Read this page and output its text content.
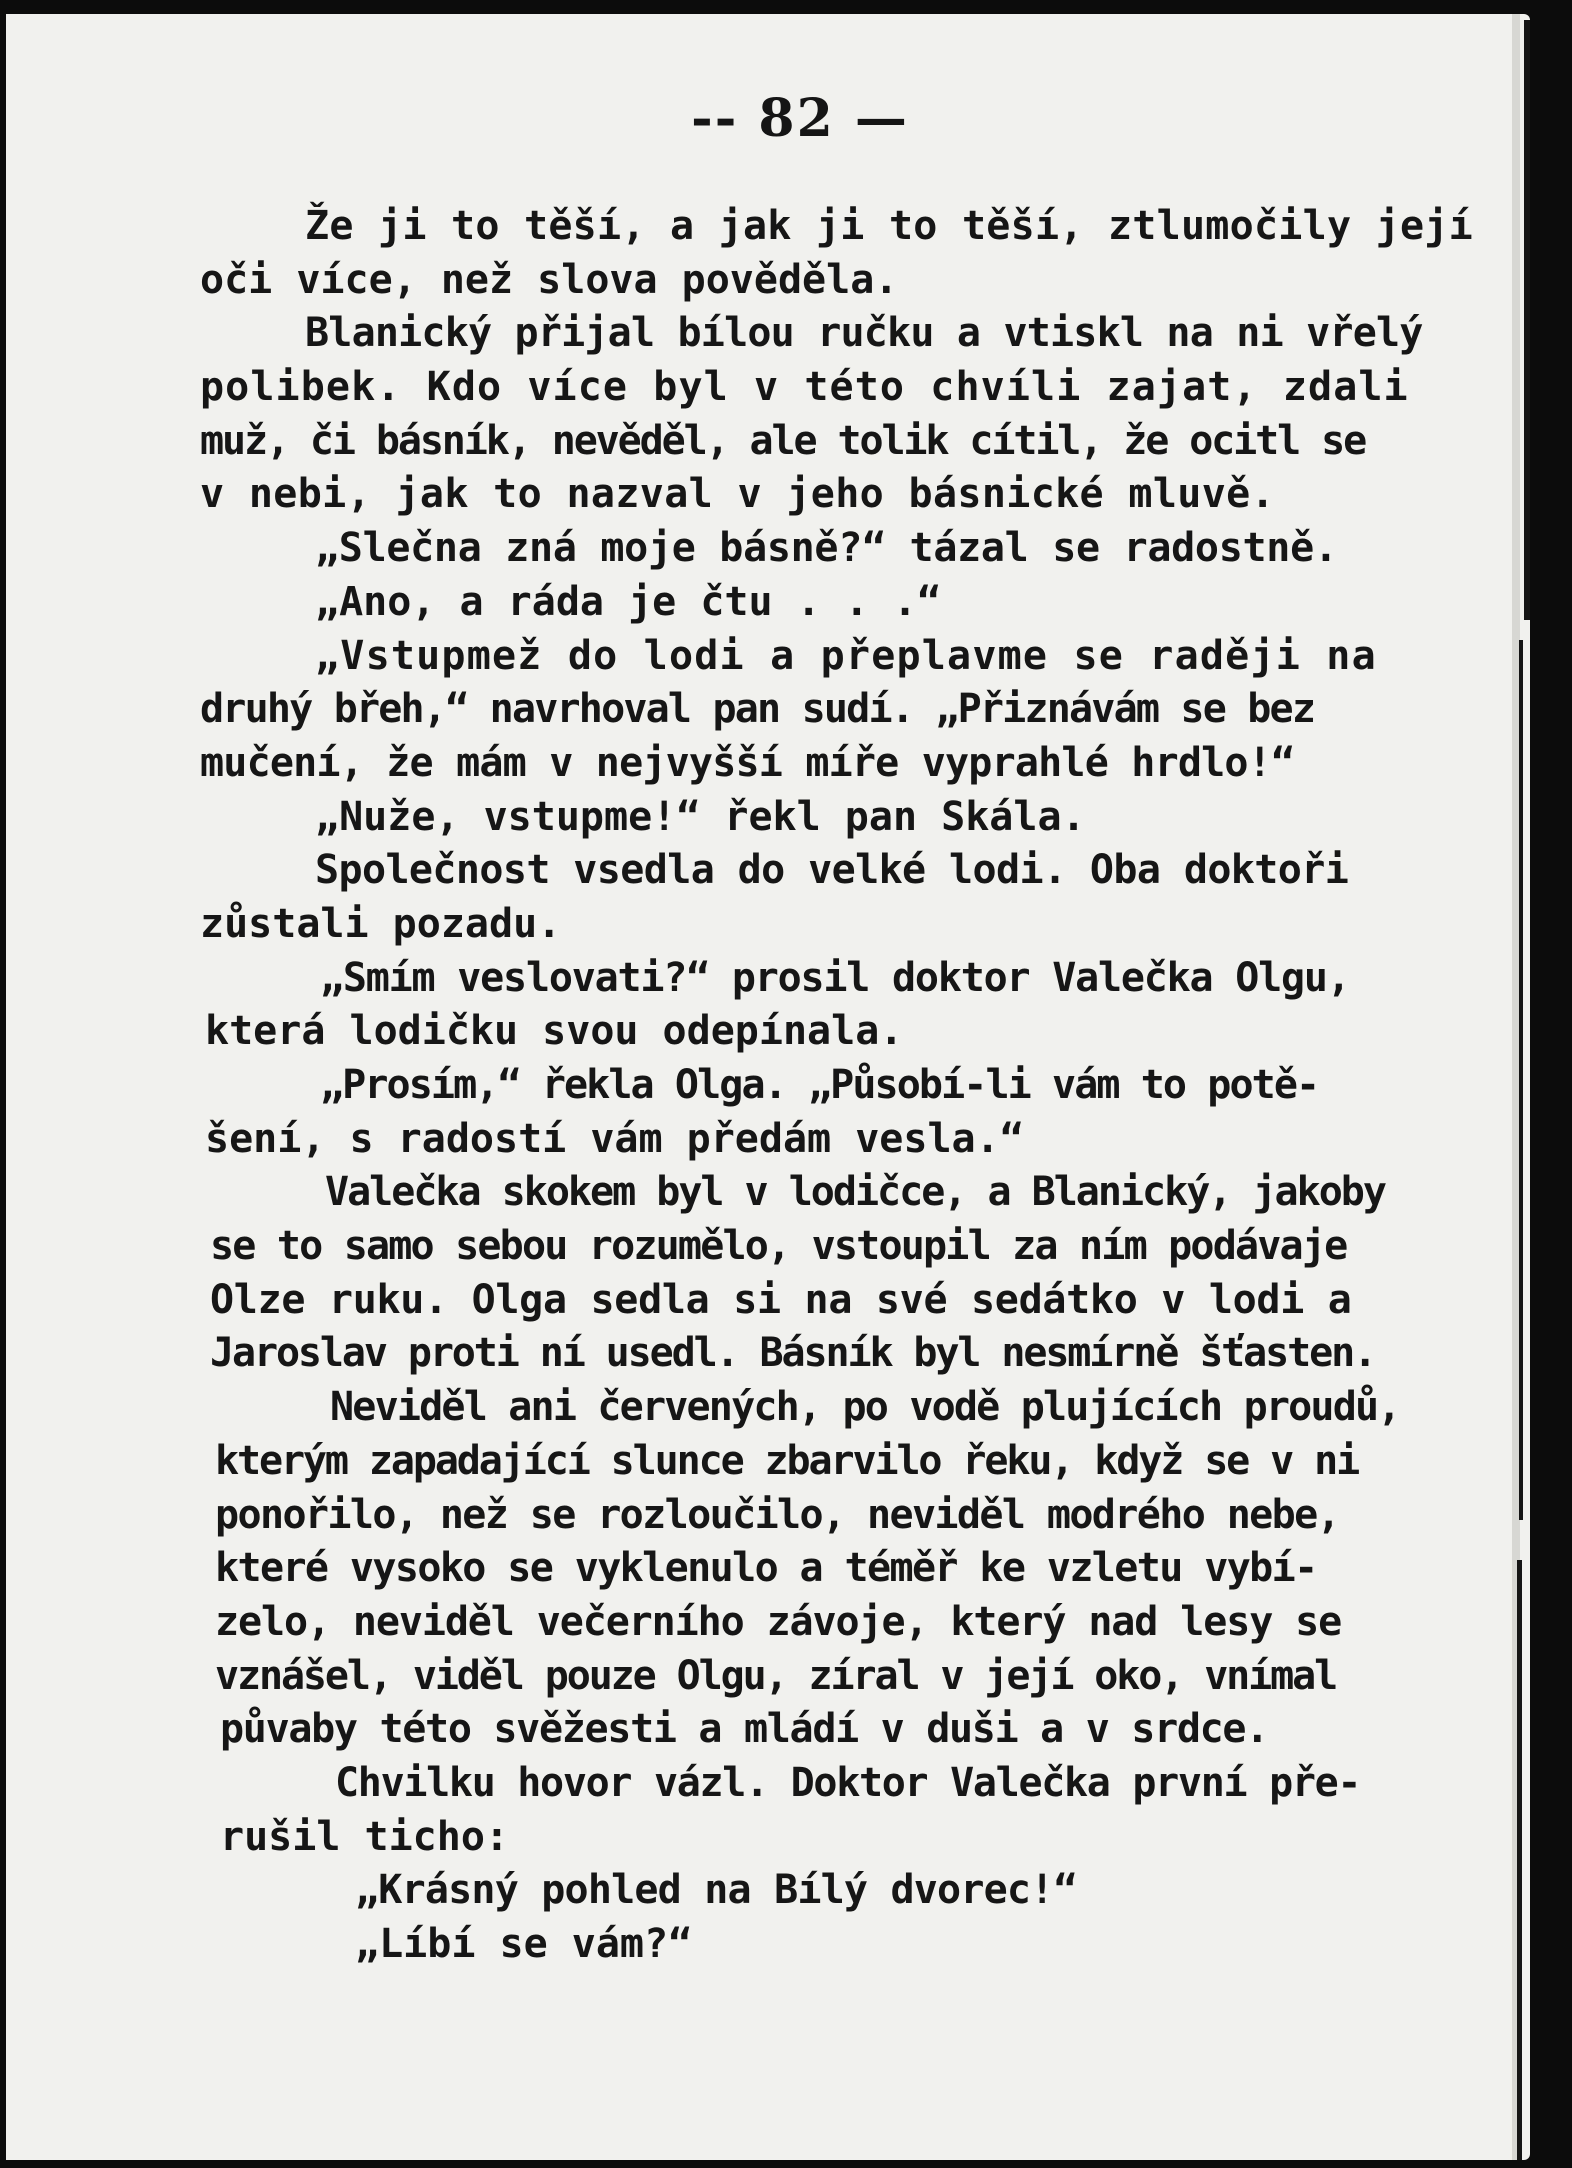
-- 82 —
Že ji to těší, a jak ji to těší, ztlumočily její
oči více, než slova pověděla.
Blanický přijal bílou ručku a vtiskl na ni vřelý
polibek. Kdo více byl v této chvíli zajat, zdali
muž, či básník, nevěděl, ale tolik cítil, že ocitl se
v nebi, jak to nazval v jeho básnické mluvě.
„Slečna zná moje básně?“ tázal se radostně.
„Ano, a ráda je čtu . . .“
„Vstupmež do lodi a přeplavme se raději na
druhý břeh,“ navrhoval pan sudí. „Přiznávám se bez
mučení, že mám v nejvyšší míře vyprahlé hrdlo!“
„Nuže, vstupme!“ řekl pan Skála.
Společnost vsedla do velké lodi. Oba doktoři
zůstali pozadu.
„Smím veslovati?“ prosil doktor Valečka Olgu,
která lodičku svou odepínala.
„Prosím,“ řekla Olga. „Působí-li vám to potě-
šení, s radostí vám předám vesla.“
Valečka skokem byl v lodičce, a Blanický, jakoby
se to samo sebou rozumělo, vstoupil za ním podávaje
Olze ruku. Olga sedla si na své sedátko v lodi a
Jaroslav proti ní usedl. Básník byl nesmírně šťasten.
Neviděl ani červených, po vodě plujících proudů,
kterým zapadající slunce zbarvilo řeku, když se v ni
ponořilo, než se rozloučilo, neviděl modrého nebe,
které vysoko se vyklenulo a téměř ke vzletu vybí-
zelo, neviděl večerního závoje, který nad lesy se
vznášel, viděl pouze Olgu, zíral v její oko, vnímal
půvaby této svěžesti a mládí v duši a v srdce.
Chvilku hovor vázl. Doktor Valečka první pře-
rušil ticho:
„Krásný pohled na Bílý dvorec!“
„Líbí se vám?“
